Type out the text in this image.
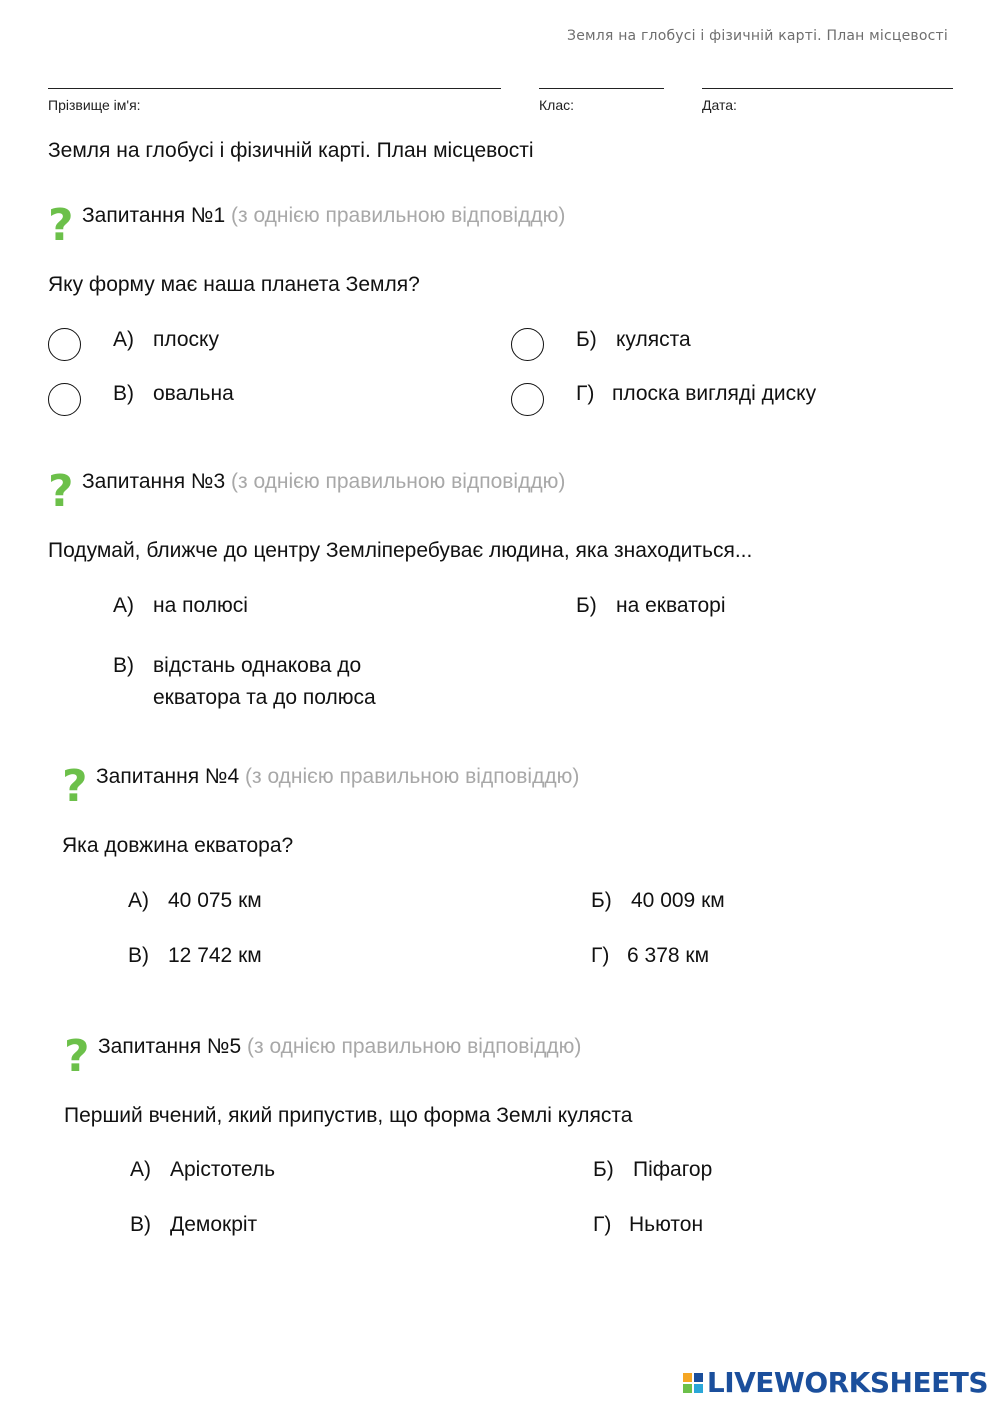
Земля на глобусі і фізичній карті. План місцевості
Прізвище ім'я:	Клас:	Дата:
Земля на глобусі і фізичній карті. План місцевості
? Запитання №1 (з однією правильною відповіддю)
Яку форму має наша планета Земля?
А) плоску	Б) куляста
В) овальна	Г) плоска вигляді диску
? Запитання №3 (з однією правильною відповіддю)
Подумай, ближче до центру Земліперебуває людина, яка знаходиться...
А) на полюсі	Б) на екваторі
В) відстань однакова до
екватора та до полюса
? Запитання №4 (з однією правильною відповіддю)
Яка довжина екватора?
А) 40 075 км	Б) 40 009 км
В) 12 742 км	Г) 6 378 км
? Запитання №5 (з однією правильною відповіддю)
Перший вчений, який припустив, що форма Землі куляста
А) Арістотель	Б) Піфагор
В) Демокріт	Г) Ньютон
LIVEWORKSHEETS
